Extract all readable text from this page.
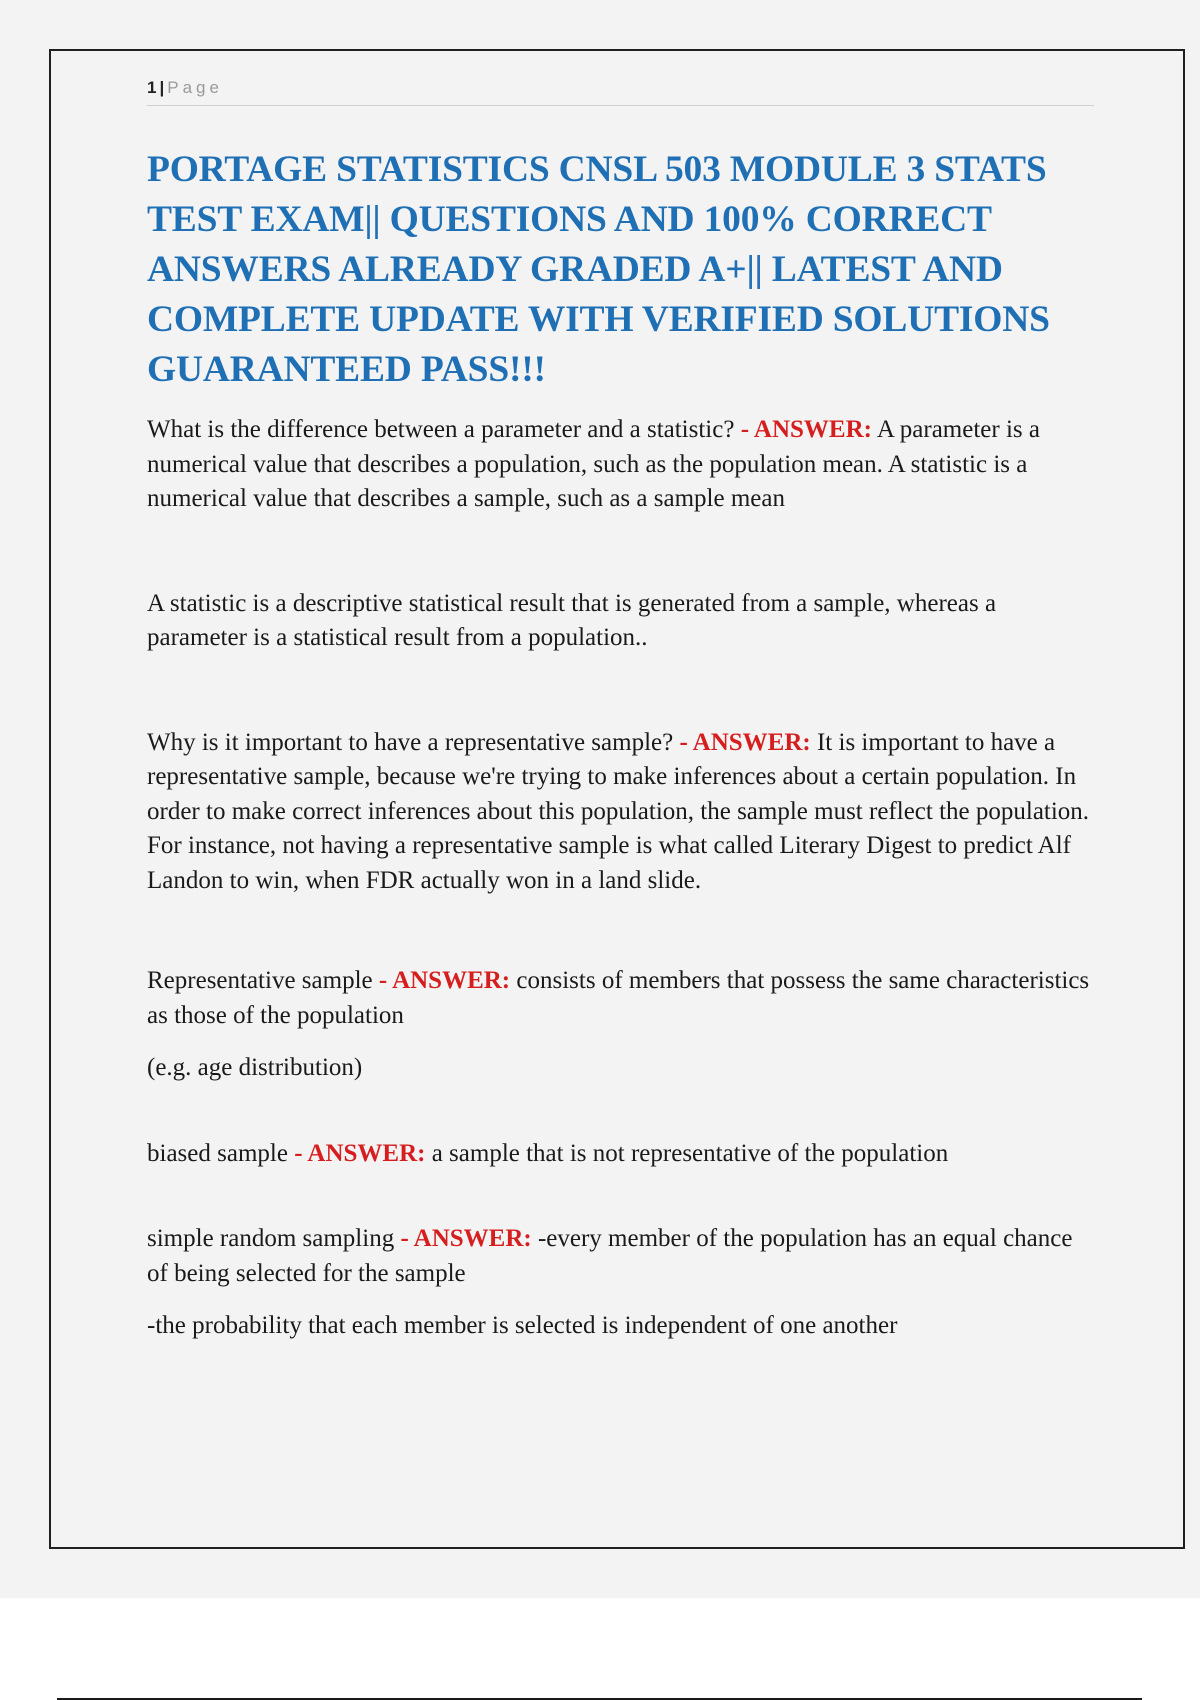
1 | Page
PORTAGE STATISTICS CNSL 503 MODULE 3 STATS TEST EXAM|| QUESTIONS AND 100% CORRECT ANSWERS ALREADY GRADED A+|| LATEST AND COMPLETE UPDATE WITH VERIFIED SOLUTIONS GUARANTEED PASS!!!

What is the difference between a parameter and a statistic? - ANSWER: A parameter is a numerical value that describes a population, such as the population mean. A statistic is a numerical value that describes a sample, such as a sample mean

A statistic is a descriptive statistical result that is generated from a sample, whereas a parameter is a statistical result from a population..

Why is it important to have a representative sample? - ANSWER: It is important to have a representative sample, because we're trying to make inferences about a certain population. In order to make correct inferences about this population, the sample must reflect the population. For instance, not having a representative sample is what called Literary Digest to predict Alf Landon to win, when FDR actually won in a land slide.

Representative sample - ANSWER: consists of members that possess the same characteristics as those of the population

(e.g. age distribution)

biased sample - ANSWER: a sample that is not representative of the population

simple random sampling - ANSWER: -every member of the population has an equal chance of being selected for the sample

-the probability that each member is selected is independent of one another
